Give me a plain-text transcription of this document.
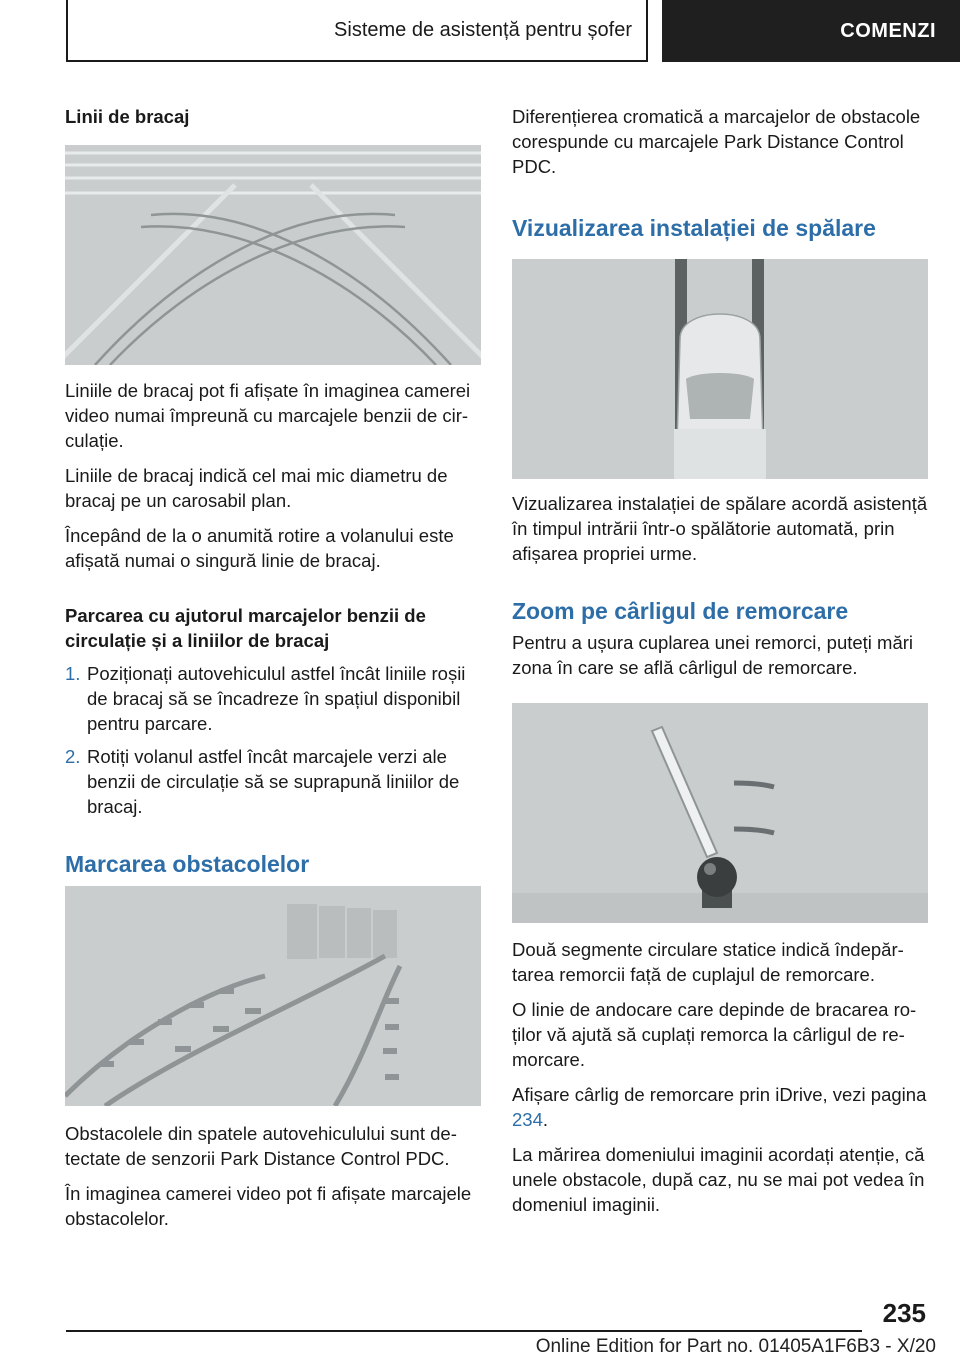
Sisteme de asistență pentru șofer	COMENZI
Linii de bracaj

Liniile de bracaj pot fi afișate în imaginea camerei video numai împreună cu marcajele benzii de circulație.

Liniile de bracaj indică cel mai mic diametru de bracaj pe un carosabil plan.

Începând de la o anumită rotire a volanului este afișată numai o singură linie de bracaj.

Parcarea cu ajutorul marcajelor benzii de circulație și a liniilor de bracaj
1. Poziționați autovehiculul astfel încât liniile roșii de bracaj să se încadreze în spațiul disponibil pentru parcare.
2. Rotiți volanul astfel încât marcajele verzi ale benzii de circulație să se suprapună liniilor de bracaj.
Marcarea obstacolelor

Obstacolele din spatele autovehiculului sunt detectate de senzorii Park Distance Control PDC.

În imaginea camerei video pot fi afișate marcajele obstacolelor.

Diferențierea cromatică a marcajelor de obstacole corespunde cu marcajele Park Distance Control PDC.

Vizualizarea instalației de spălare

Vizualizarea instalației de spălare acordă asistență în timpul intrării într-o spălătorie automată, prin afișarea propriei urme.

Zoom pe cârligul de remorcare

Pentru a ușura cuplarea unei remorci, puteți mări zona în care se află cârligul de remorcare.

Două segmente circulare statice indică îndepărtarea remorcii față de cuplajul de remorcare.

O linie de andocare care depinde de bracarea roților vă ajută să cuplați remorca la cârligul de remorcare.

Afișare cârlig de remorcare prin iDrive, vezi pagina 234.

La mărirea domeniului imaginii acordați atenție, că unele obstacole, după caz, nu se mai pot vedea în domeniul imaginii.

235
Online Edition for Part no. 01405A1F6B3 - X/20
